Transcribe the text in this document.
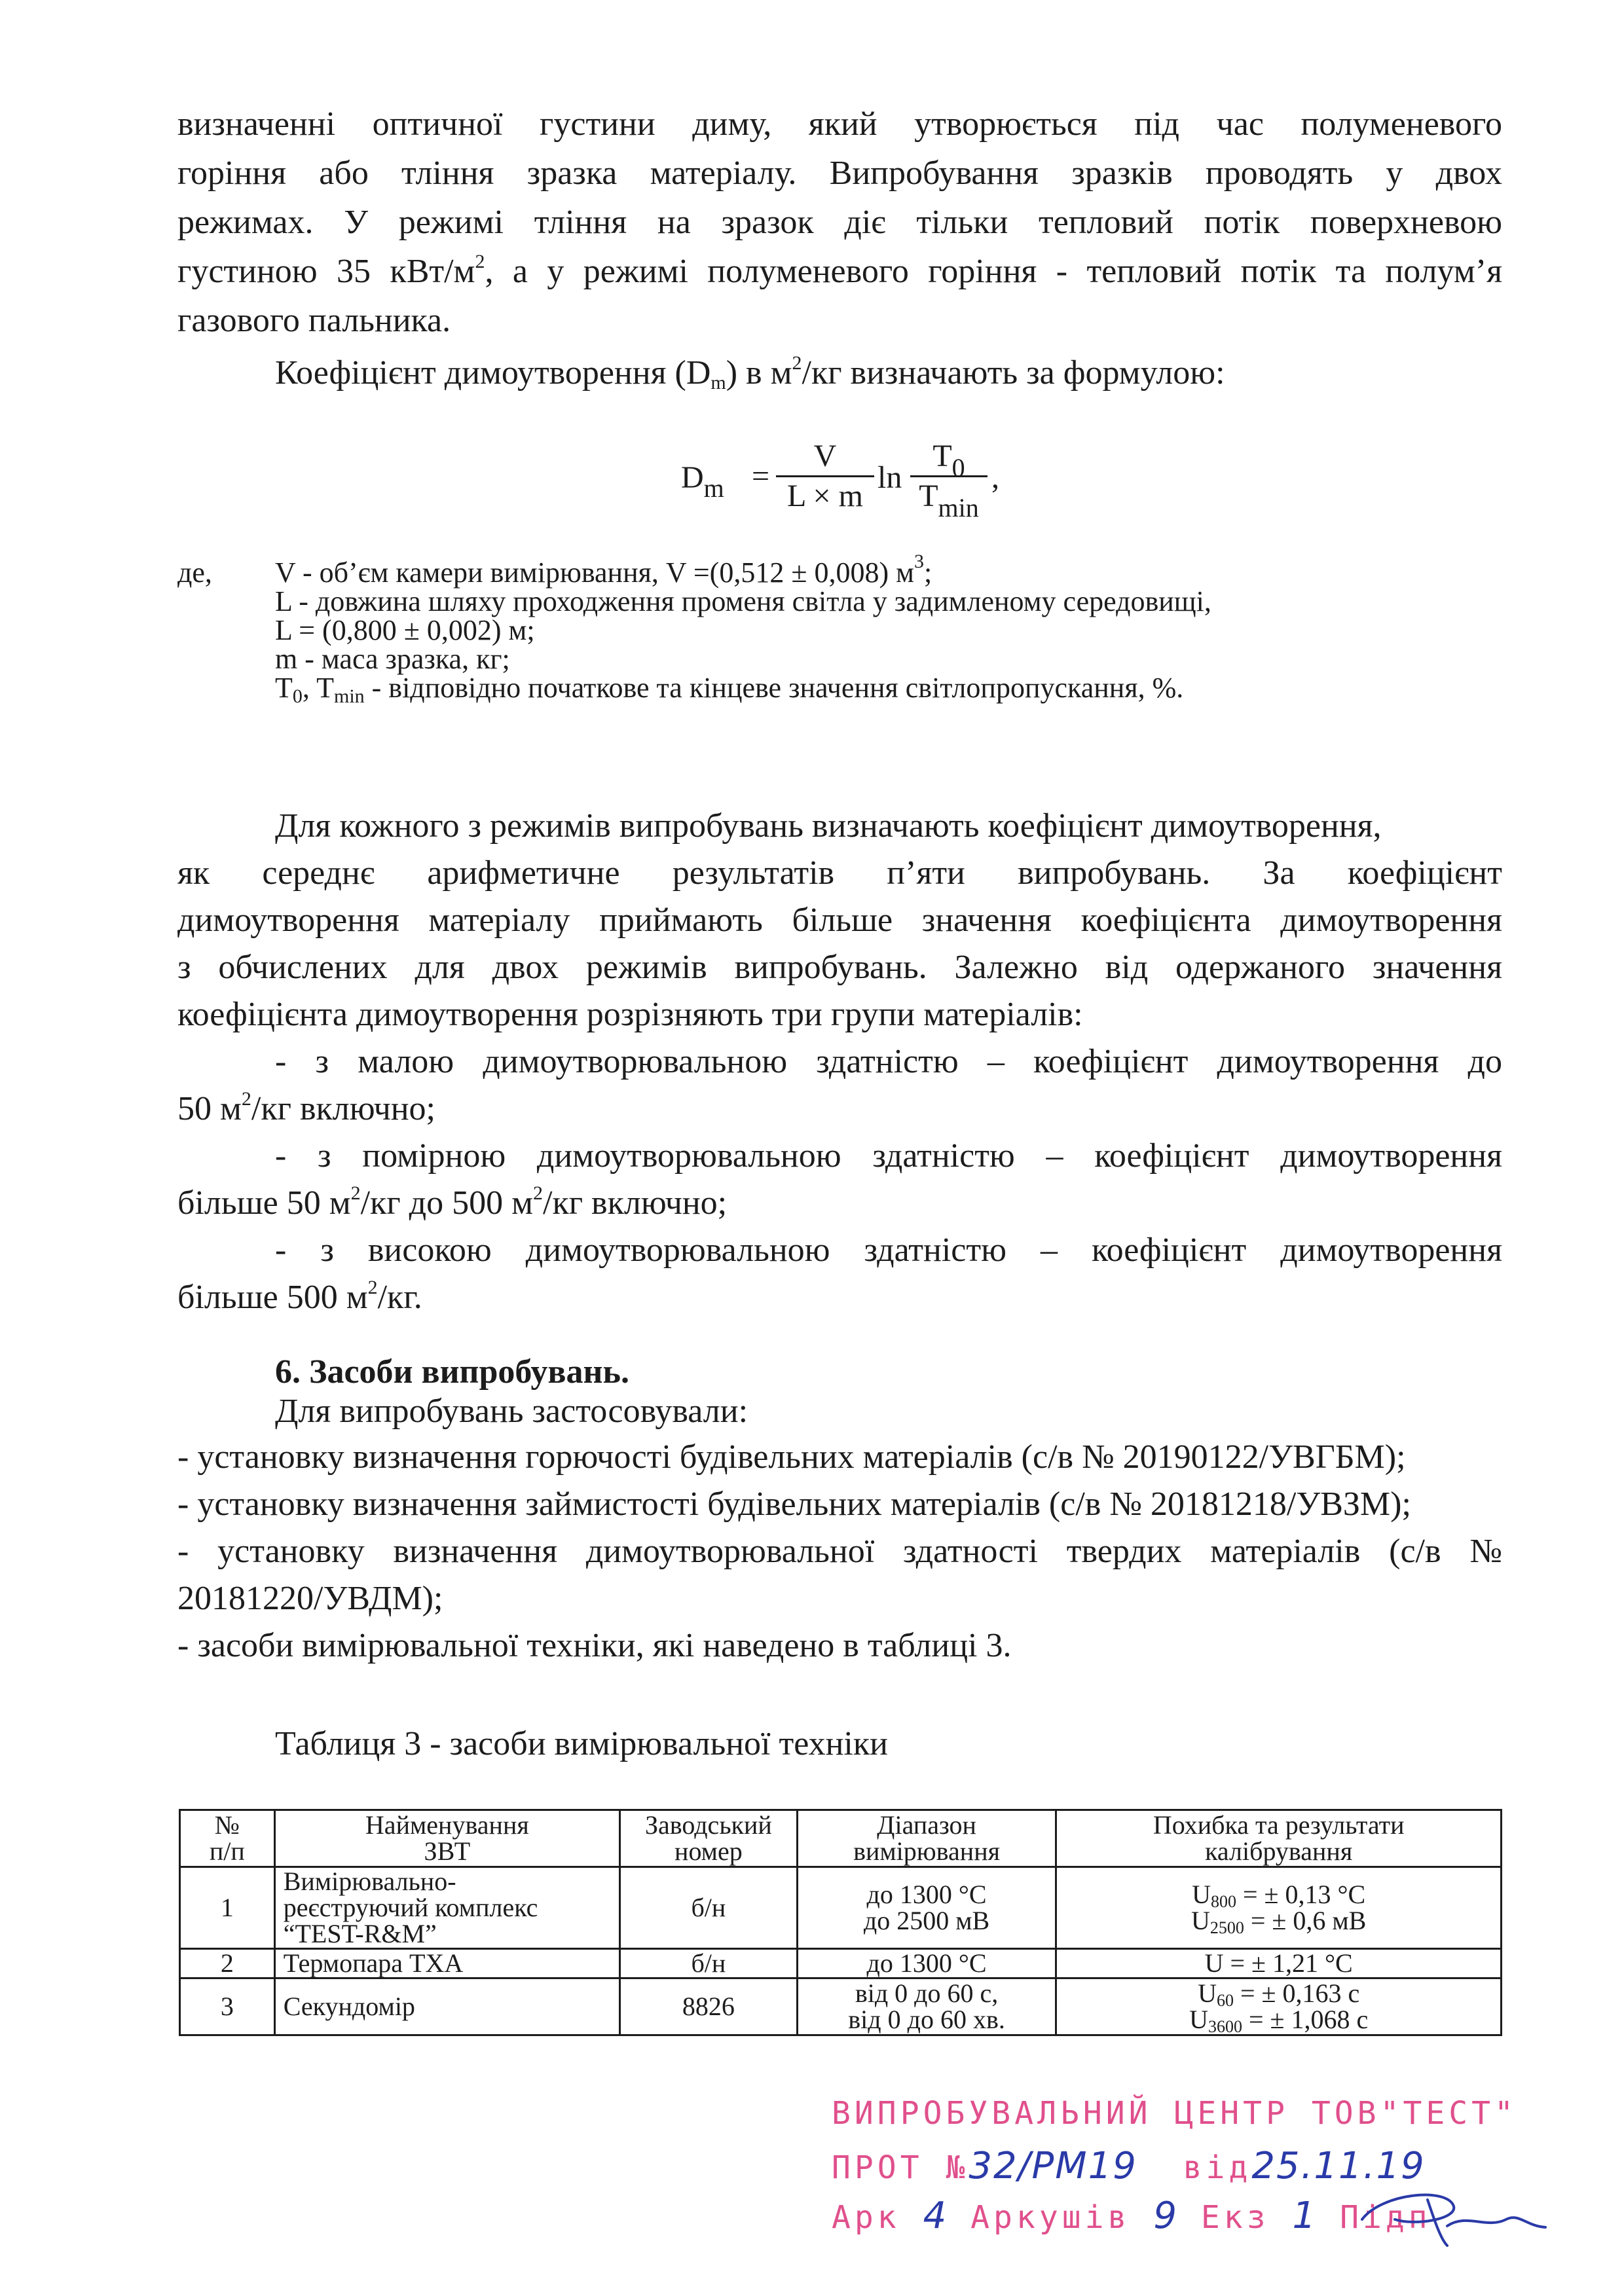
визначенні оптичної густини диму, який утворюється під час полуменевого
горіння або тління зразка матеріалу. Випробування зразків проводять у двох
режимах. У режимі тління на зразок діє тільки тепловий потік поверхневою
густиною 35 кВт/$м^2$, а у режимі полуменевого горіння - тепловий потік та полум’я
газового пальника.
Коефіцієнт димоутворення $(D_m)$ в $м^2/кг$ визначають за формулою:
$D_m$ =
V
L × m
ln
$T_0$
$T_{min}$
,
де,	V - об’єм камери вимірювання, V =(0,512 ± 0,008) $м^3$;
L - довжина шляху проходження променя світла у задимленому середовищі,
L = (0,800 ± 0,002) м;
m - маса зразка, кг;
$T_0$, $T_{min}$ - відповідно початкове та кінцеве значення світлопропускання, %.
Для кожного з режимів випробувань визначають коефіцієнт димоутворення,
як середнє арифметичне результатів п’яти випробувань. За коефіцієнт
димоутворення матеріалу приймають більше значення коефіцієнта димоутворення
з обчислених для двох режимів випробувань. Залежно від одержаного значення
коефіцієнта димоутворення розрізняють три групи матеріалів:
- з малою димоутворювальною здатністю – коефіцієнт димоутворення до
50 $м^2/кг$ включно;
- з помірною димоутворювальною здатністю – коефіцієнт димоутворення
більше 50 $м^2/кг$ до 500 $м^2/кг$ включно;
- з високою димоутворювальною здатністю – коефіцієнт димоутворення
більше 500 $м^2/кг$.
6. Засоби випробувань.
Для випробувань застосовували:
- установку визначення горючості будівельних матеріалів (с/в № 20190122/УВГБМ);
- установку визначення займистості будівельних матеріалів (с/в № 20181218/УВЗМ);
- установку визначення димоутворювальної здатності твердих матеріалів (с/в №
20181220/УВДМ);
- засоби вимірювальної техніки, які наведено в таблиці 3.
Таблиця 3 - засоби вимірювальної техніки
№
п/п	Найменування
ЗВТ	Заводський
номер	Діапазон
вимірювання	Похибка та результати
калібрування
1	Вимірювально-
реєструючий комплекс
“TEST-R&M”	б/н	до 1300 °С
до 2500 мВ	$U_{800}$ = ± 0,13 °С
$U_{2500}$ = ± 0,6 мВ
2	Термопара ТХА	б/н	до 1300 °С	U = ± 1,21 °С
3	Секундомір	8826	від 0 до 60 с,
від 0 до 60 хв.	$U_{60}$ = ± 0,163 с
$U_{3600}$ = ± 1,068 с
ВИПРОБУВАЛЬНИЙ ЦЕНТР ТОВ"ТЕСТ"
ПРОТ №32/РМ19 від25.11.19
Арк 4 Аркушів 9 Екз 1 Підп
